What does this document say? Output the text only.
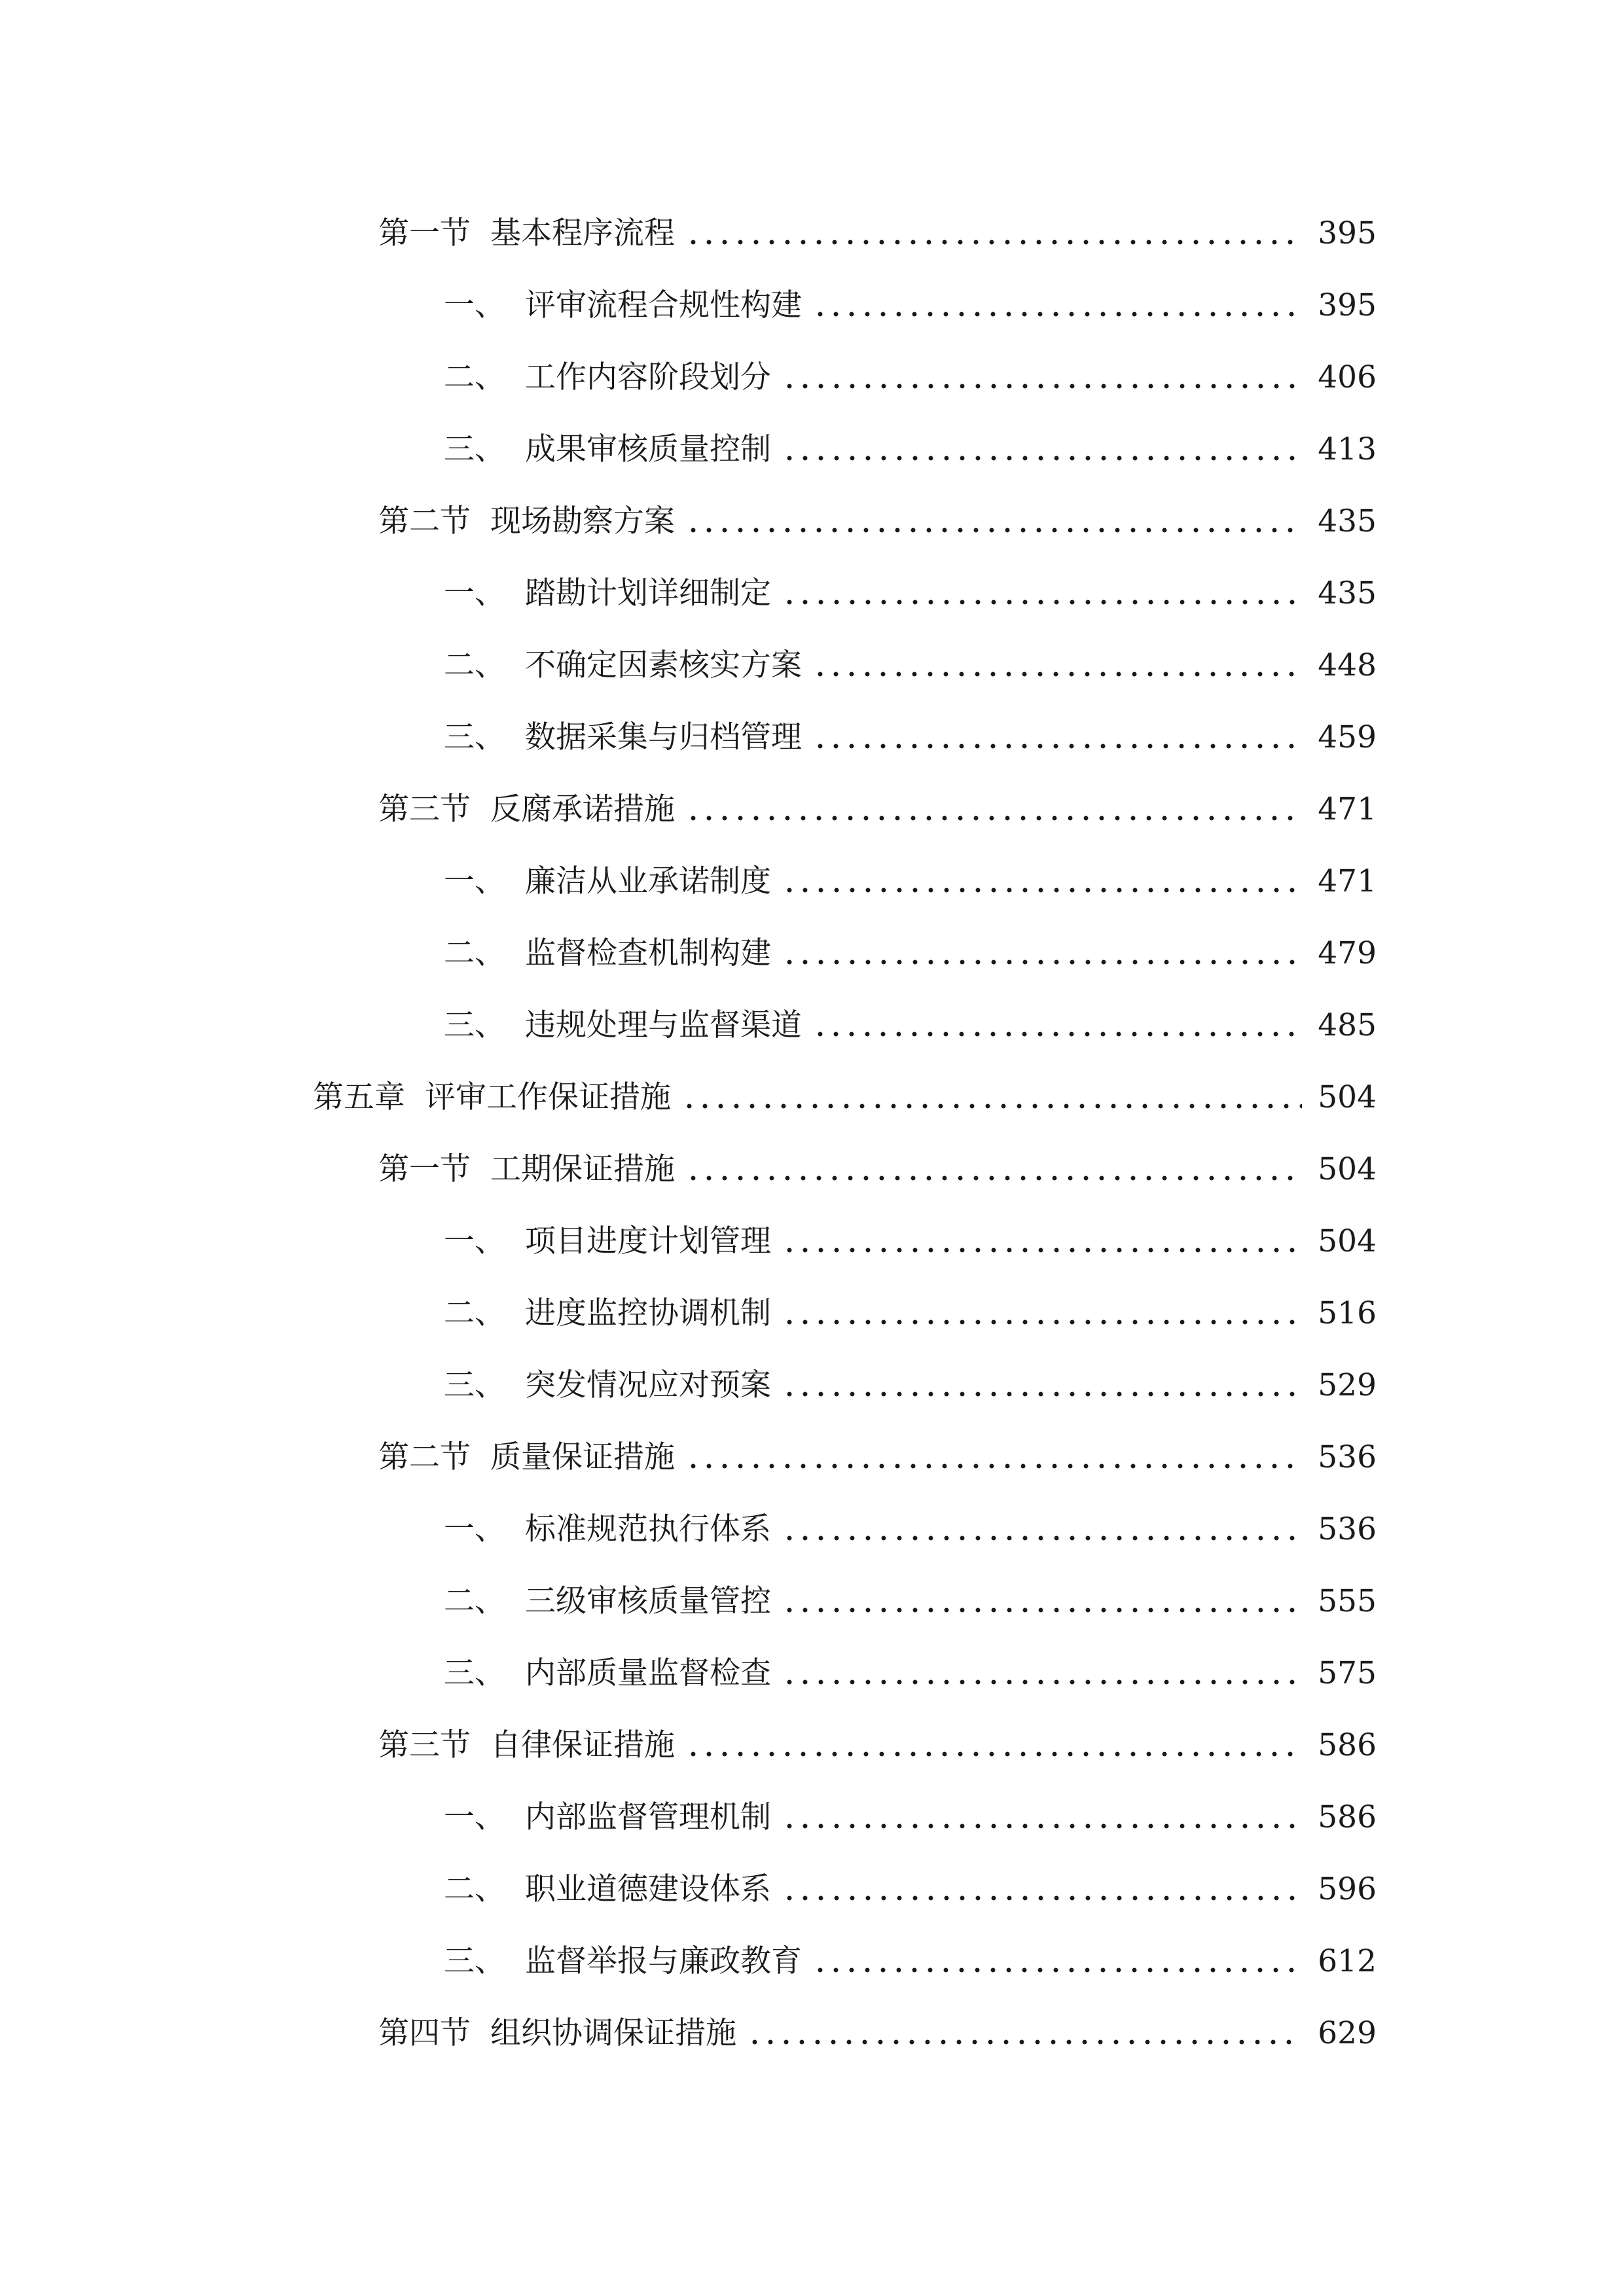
第一节 基本程序流程	395
一、 评审流程合规性构建	395
二、 工作内容阶段划分	406
三、 成果审核质量控制	413
第二节 现场勘察方案	435
一、 踏勘计划详细制定	435
二、 不确定因素核实方案	448
三、 数据采集与归档管理	459
第三节 反腐承诺措施	471
一、 廉洁从业承诺制度	471
二、 监督检查机制构建	479
三、 违规处理与监督渠道	485
第五章 评审工作保证措施	504
第一节 工期保证措施	504
一、 项目进度计划管理	504
二、 进度监控协调机制	516
三、 突发情况应对预案	529
第二节 质量保证措施	536
一、 标准规范执行体系	536
二、 三级审核质量管控	555
三、 内部质量监督检查	575
第三节 自律保证措施	586
一、 内部监督管理机制	586
二、 职业道德建设体系	596
三、 监督举报与廉政教育	612
第四节 组织协调保证措施	629
